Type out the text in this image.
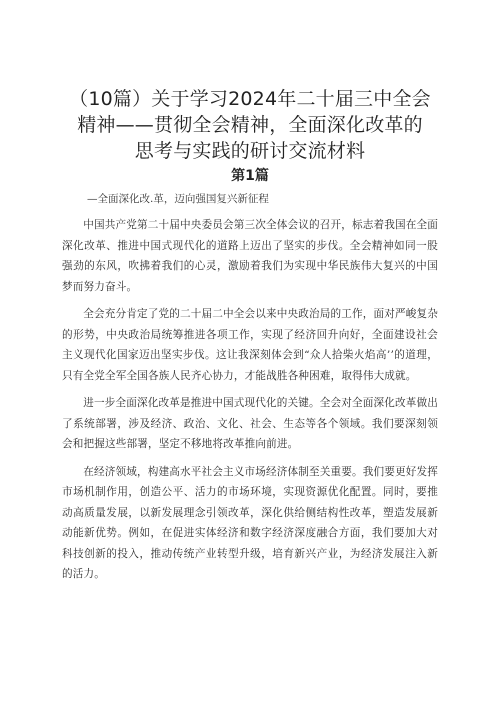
（10篇）关于学习2024年二十届三中全会
精神——贯彻全会精神，全面深化改革的
思考与实践的研讨交流材料
第1篇
—全面深化改.革，迈向强国复兴新征程

中国共产党第二十届中央委员会第三次全体会议的召开，标志着我国在全面深化改革、推进中国式现代化的道路上迈出了坚实的步伐。全会精神如同一股强劲的东风，吹拂着我们的心灵，激励着我们为实现中华民族伟大复兴的中国梦而努力奋斗。

全会充分肯定了党的二十届二中全会以来中央政治局的工作，面对严峻复杂的形势，中央政治局统筹推进各项工作，实现了经济回升向好，全面建设社会主义现代化国家迈出坚实步伐。这让我深刻体会到“众人拾柴火焰高’’的道理，只有全党全军全国各族人民齐心协力，才能战胜各种困难，取得伟大成就。

进一步全面深化改革是推进中国式现代化的关键。全会对全面深化改革做出了系统部署，涉及经济、政治、文化、社会、生态等各个领域。我们要深刻领会和把握这些部署，坚定不移地将改革推向前进。

在经济领域，构建高水平社会主义市场经济体制至关重要。我们要更好发挥市场机制作用，创造公平、活力的市场环境，实现资源优化配置。同时，要推动高质量发展，以新发展理念引领改革，深化供给侧结构性改革，塑造发展新动能新优势。例如，在促进实体经济和数字经济深度融合方面，我们要加大对科技创新的投入，推动传统产业转型升级，培育新兴产业，为经济发展注入新的活力。
